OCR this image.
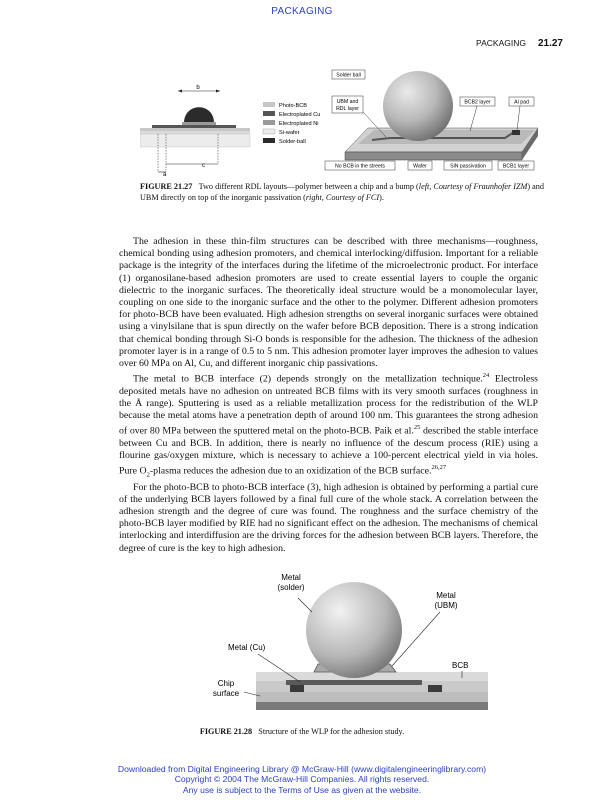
PACKAGING
PACKAGING 21.27
b
c
a
Photo-BCB
Electroplated Cu
Electroplated Ni
Si-wafer
Solder-ball
Solder ball
UBM and
RDL layer
BCB2 layer	Al pad
No BCB in the streets	Wafer	SiN passivation	BCB1 layer
FIGURE 21.27 Two different RDL layouts—polymer between a chip and a bump (left, Courtesy of Fraunhofer IZM) and UBM directly on top of the inorganic passivation (right, Courtesy of FCI).

The adhesion in these thin-film structures can be described with three mechanisms—roughness, chemical bonding using adhesion promoters, and chemical interlocking/diffusion. Important for a reliable package is the integrity of the interfaces during the lifetime of the microelectronic product. For interface (1) organosilane-based adhesion promoters are used to create essential layers to couple the organic dielectric to the inorganic surfaces. The theoretically ideal structure would be a monomolecular layer, coupling on one side to the inorganic surface and the other to the polymer. Different adhesion promoters for photo-BCB have been evaluated. High adhesion strengths on several inorganic surfaces were obtained using a vinylsilane that is spun directly on the wafer before BCB deposition. There is a strong indication that chemical bonding through Si-O bonds is responsible for the adhesion. The thickness of the adhesion promoter layer is in a range of 0.5 to 5 nm. This adhesion promoter layer improves the adhesion to values over 60 MPa on Al, Cu, and different inorganic chip passivations.

The metal to BCB interface (2) depends strongly on the metallization technique.$^{24}$ Electroless deposited metals have no adhesion on untreated BCB films with its very smooth surfaces (roughness in the Å range). Sputtering is used as a reliable metallization process for the redistribution of the WLP because the metal atoms have a penetration depth of around 100 nm. This guarantees the strong adhesion of over 80 MPa between the sputtered metal on the photo-BCB. Paik et al.$^{25}$ described the stable interface between Cu and BCB. In addition, there is nearly no influence of the descum process (RIE) using a flourine gas/oxygen mixture, which is necessary to achieve a 100-percent electrical yield in via holes. Pure $O_2$-plasma reduces the adhesion due to an oxidization of the BCB surface.$^{26,27}$

For the photo-BCB to photo-BCB interface (3), high adhesion is obtained by performing a partial cure of the underlying BCB layers followed by a final full cure of the whole stack. A correlation between the adhesion strength and the degree of cure was found. The roughness and the surface chemistry of the photo-BCB layer modified by RIE had no significant effect on the adhesion. The mechanisms of chemical interlocking and interdiffusion are the driving forces for the adhesion between BCB layers. Therefore, the degree of cure is the key to high adhesion.

Metal
(solder)
Metal
(UBM)
Metal (Cu)
BCB
Chip
surface
FIGURE 21.28 Structure of the WLP for the adhesion study.
Downloaded from Digital Engineering Library @ McGraw-Hill (www.digitalengineeringlibrary.com)
Copyright © 2004 The McGraw-Hill Companies. All rights reserved.
Any use is subject to the Terms of Use as given at the website.
